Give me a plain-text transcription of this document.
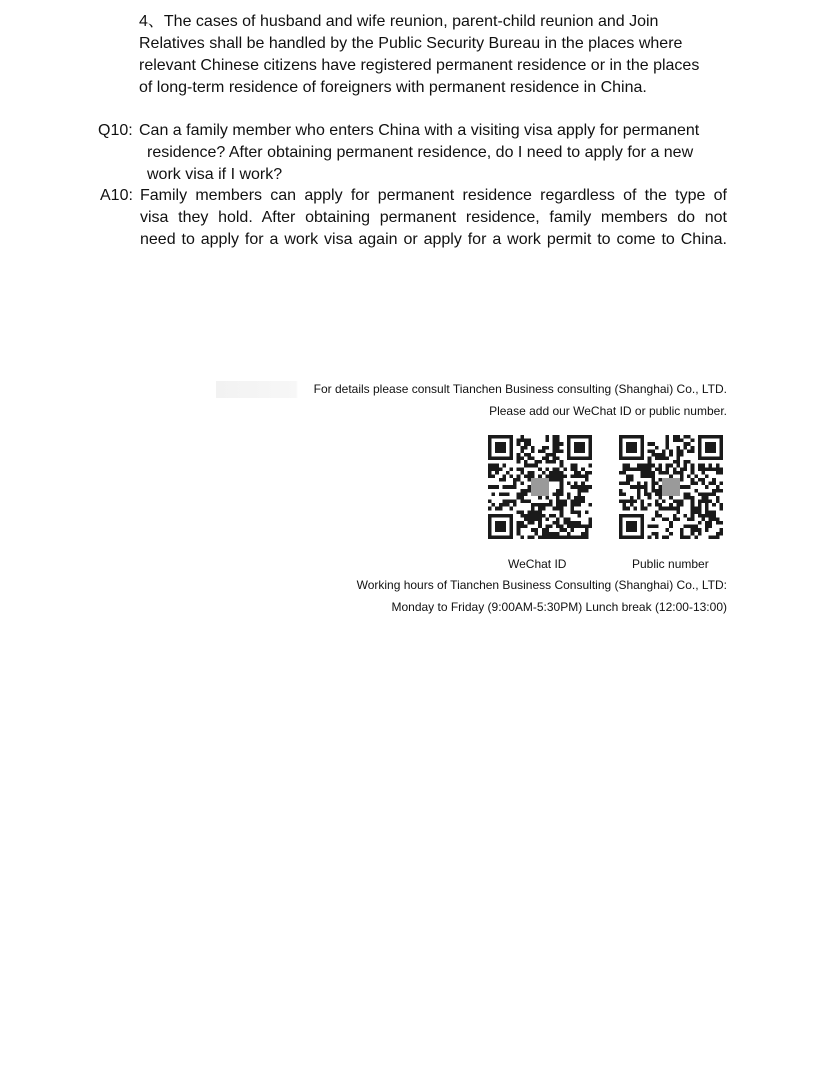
4、The cases of husband and wife reunion, parent-child reunion and Join
Relatives shall be handled by the Public Security Bureau in the places where
relevant Chinese citizens have registered permanent residence or in the places
of long-term residence of foreigners with permanent residence in China.
Q10: Can a family member who enters China with a visiting visa apply for permanent
residence? After obtaining permanent residence, do I need to apply for a new
work visa if I work?
A10: Family members can apply for permanent residence regardless of the type of
visa they hold. After obtaining permanent residence, family members do not
need to apply for a work visa again or apply for a work permit to come to China.
For details please consult Tianchen Business consulting (Shanghai) Co., LTD.
Please add our WeChat ID or public number.
WeChat ID	Public number
Working hours of Tianchen Business Consulting (Shanghai) Co., LTD:
Monday to Friday (9:00AM-5:30PM) Lunch break (12:00-13:00)
